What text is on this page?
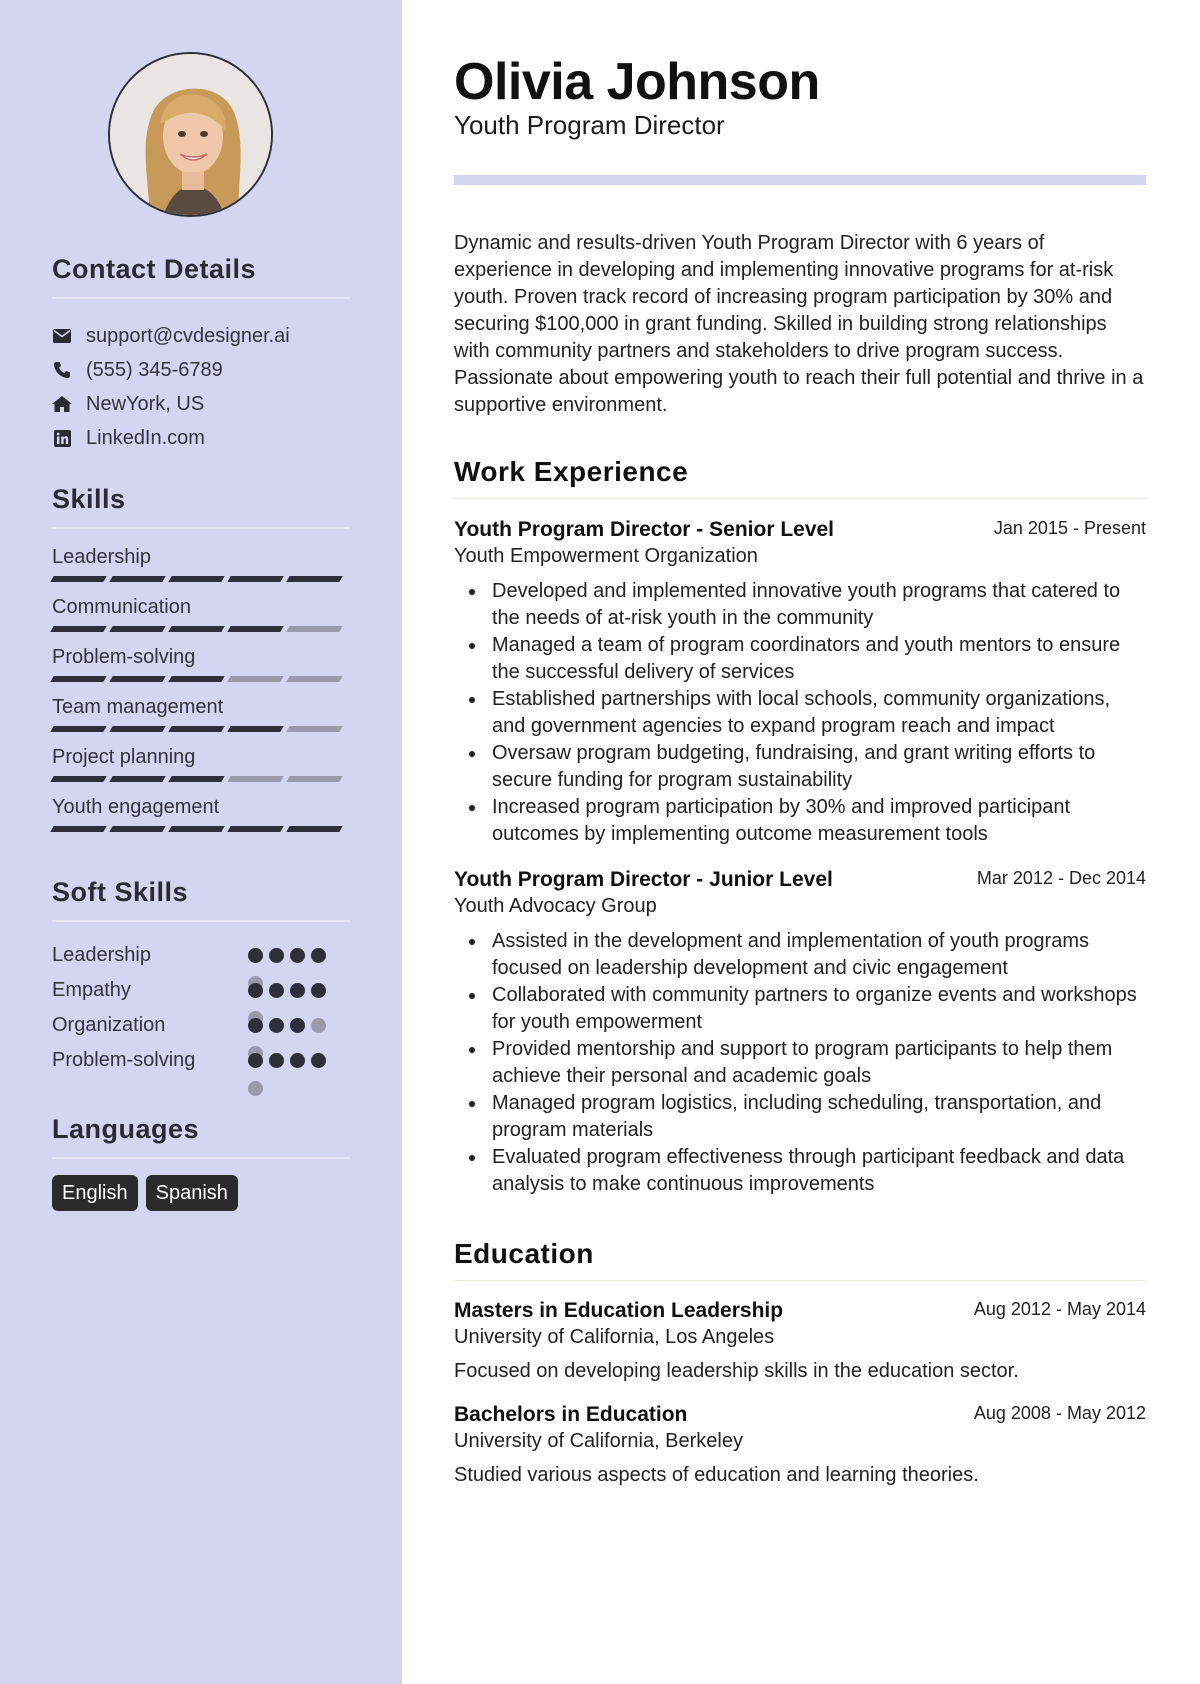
Contact Details
support@cvdesigner.ai
(555) 345-6789
NewYork, US
LinkedIn.com
Skills
Leadership
Communication
Problem-solving
Team management
Project planning
Youth engagement
Soft Skills
Leadership
Empathy
Organization
Problem-solving
Languages
English	Spanish
Olivia Johnson
Youth Program Director

Dynamic and results-driven Youth Program Director with 6 years of experience in developing and implementing innovative programs for at-risk youth. Proven track record of increasing program participation by 30% and securing $100,000 in grant funding. Skilled in building strong relationships with community partners and stakeholders to drive program success. Passionate about empowering youth to reach their full potential and thrive in a supportive environment.

Work Experience
Youth Program Director - Senior Level	Jan 2015 - Present
Youth Empowerment Organization
Developed and implemented innovative youth programs that catered to the needs of at-risk youth in the community
Managed a team of program coordinators and youth mentors to ensure the successful delivery of services
Established partnerships with local schools, community organizations, and government agencies to expand program reach and impact
Oversaw program budgeting, fundraising, and grant writing efforts to secure funding for program sustainability
Increased program participation by 30% and improved participant outcomes by implementing outcome measurement tools
Youth Program Director - Junior Level	Mar 2012 - Dec 2014
Youth Advocacy Group
Assisted in the development and implementation of youth programs focused on leadership development and civic engagement
Collaborated with community partners to organize events and workshops for youth empowerment
Provided mentorship and support to program participants to help them achieve their personal and academic goals
Managed program logistics, including scheduling, transportation, and program materials
Evaluated program effectiveness through participant feedback and data analysis to make continuous improvements
Education
Masters in Education Leadership	Aug 2012 - May 2014
University of California, Los Angeles
Focused on developing leadership skills in the education sector.
Bachelors in Education	Aug 2008 - May 2012
University of California, Berkeley
Studied various aspects of education and learning theories.
